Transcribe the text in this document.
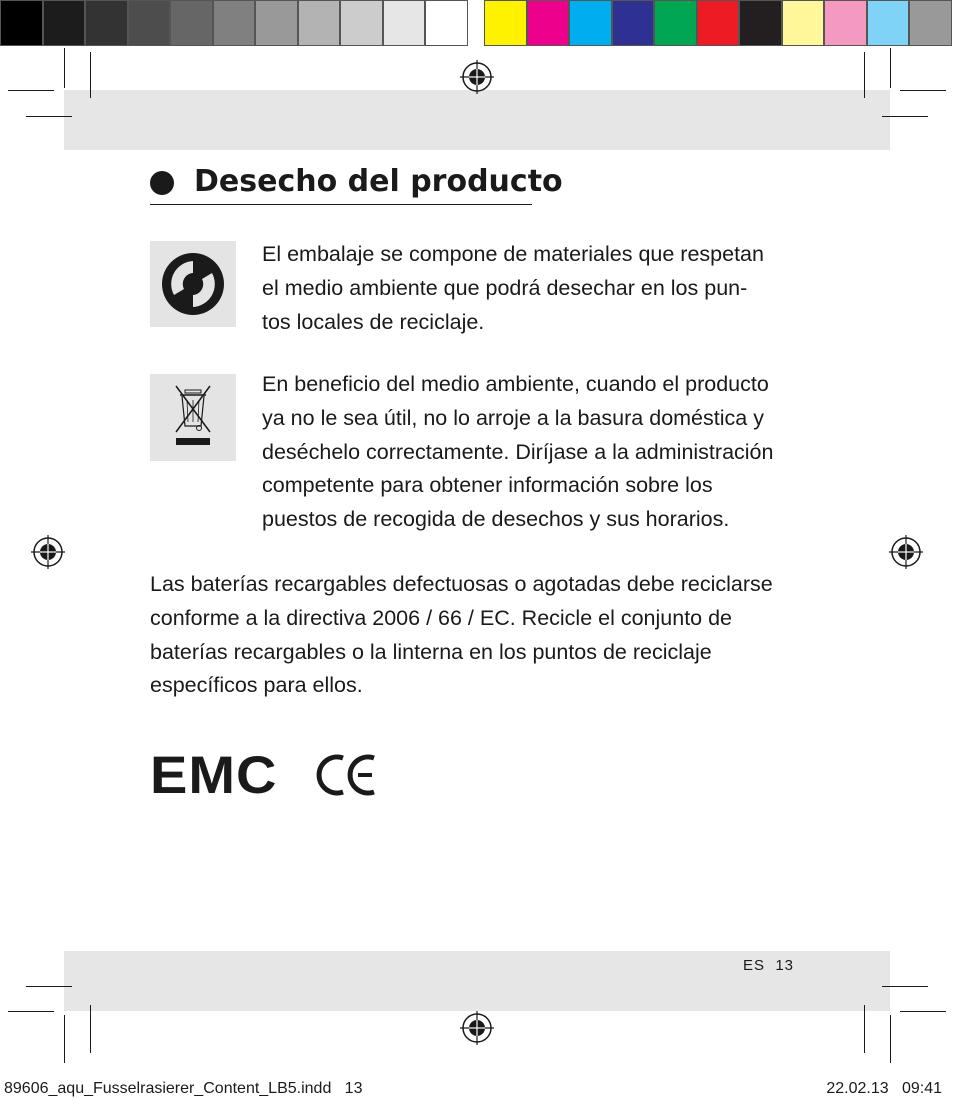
Desecho del producto
El embalaje se compone de materiales que respetan
el medio ambiente que podrá desechar en los pun-
tos locales de reciclaje.
En beneficio del medio ambiente, cuando el producto
ya no le sea útil, no lo arroje a la basura doméstica y
deséchelo correctamente. Diríjase a la administración
competente para obtener información sobre los
puestos de recogida de desechos y sus horarios.
Las baterías recargables defectuosas o agotadas debe reciclarse
conforme a la directiva 2006 / 66 / EC. Recicle el conjunto de
baterías recargables o la linterna en los puntos de reciclaje
específicos para ellos.
EMC
ES  13
89606_aqu_Fusselrasierer_Content_LB5.indd   13	22.02.13   09:41
